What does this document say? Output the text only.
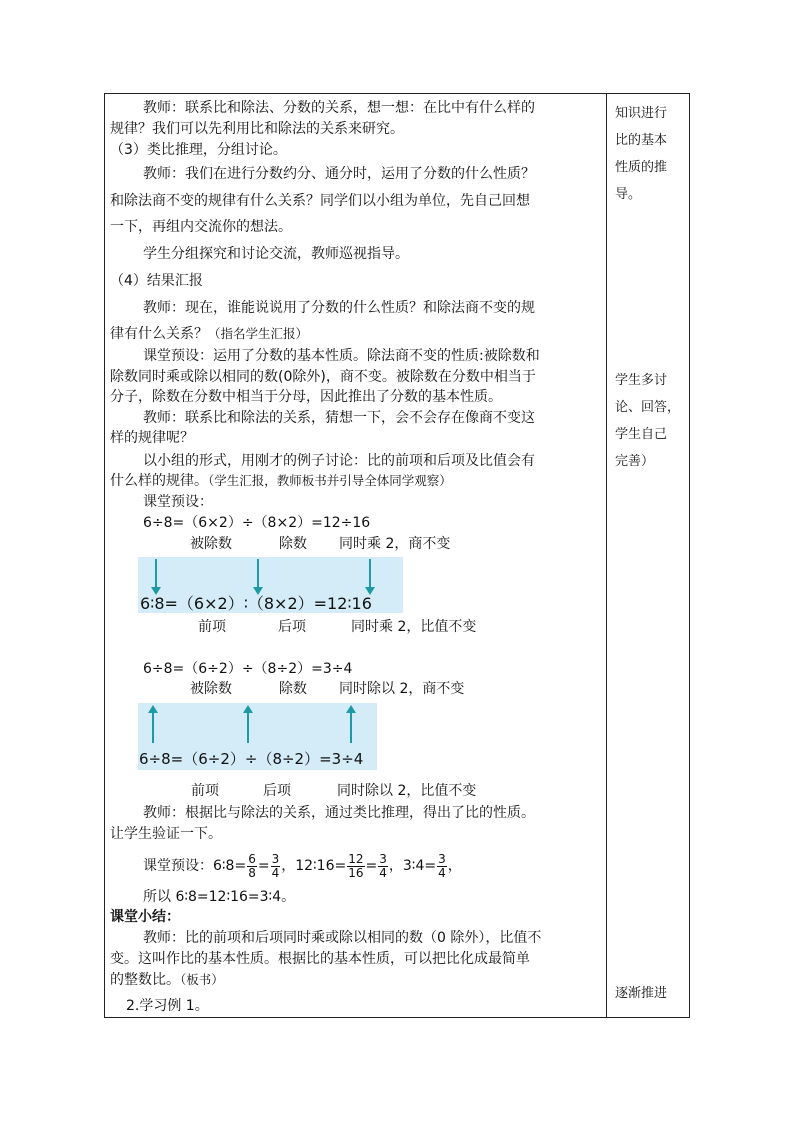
教师：联系比和除法、分数的关系，想一想：在比中有什么样的
规律？我们可以先利用比和除法的关系来研究。
（3）类比推理，分组讨论。
教师：我们在进行分数约分、通分时，运用了分数的什么性质？
和除法商不变的规律有什么关系？同学们以小组为单位，先自己回想
一下，再组内交流你的想法。
学生分组探究和讨论交流，教师巡视指导。
（4）结果汇报
教师：现在，谁能说说用了分数的什么性质？和除法商不变的规
律有什么关系？（指名学生汇报）
课堂预设：运用了分数的基本性质。除法商不变的性质:被除数和
除数同时乘或除以相同的数(0除外)，商不变。被除数在分数中相当于
分子，除数在分数中相当于分母，因此推出了分数的基本性质。
教师：联系比和除法的关系，猜想一下，会不会存在像商不变这
样的规律呢？
以小组的形式，用刚才的例子讨论：比的前项和后项及比值会有
什么样的规律。（学生汇报，教师板书并引导全体同学观察）
课堂预设：
6÷8=（6×2）÷（8×2）=12÷16
被除数	除数 同时乘 2，商不变
6∶8=（6×2）∶（8×2）=12∶16
前项	后项	同时乘 2，比值不变
6÷8=（6÷2）÷（8÷2）=3÷4
被除数	除数 同时除以 2，商不变
6÷8=（6÷2）÷（8÷2）=3÷4
前项	后项	同时除以 2，比值不变
教师：根据比与除法的关系，通过类比推理，得出了比的性质。
让学生验证一下。
课堂预设：6∶8= $\frac{6}{8} = \frac{3}{4}$ ，12∶16= $\frac{12}{16} = \frac{3}{4}$ ，3∶4= $\frac{3}{4}$ ，
所以 6∶8=12∶16=3∶4。
课堂小结：
教师：比的前项和后项同时乘或除以相同的数（0 除外），比值不
变。这叫作比的基本性质。根据比的基本性质，可以把比化成最简单
的整数比。（板书）
2.学习例 1。
知识进行
比的基本
性质的推
导。
学生多讨
论、回答，
学生自己
完善）
逐渐推进
